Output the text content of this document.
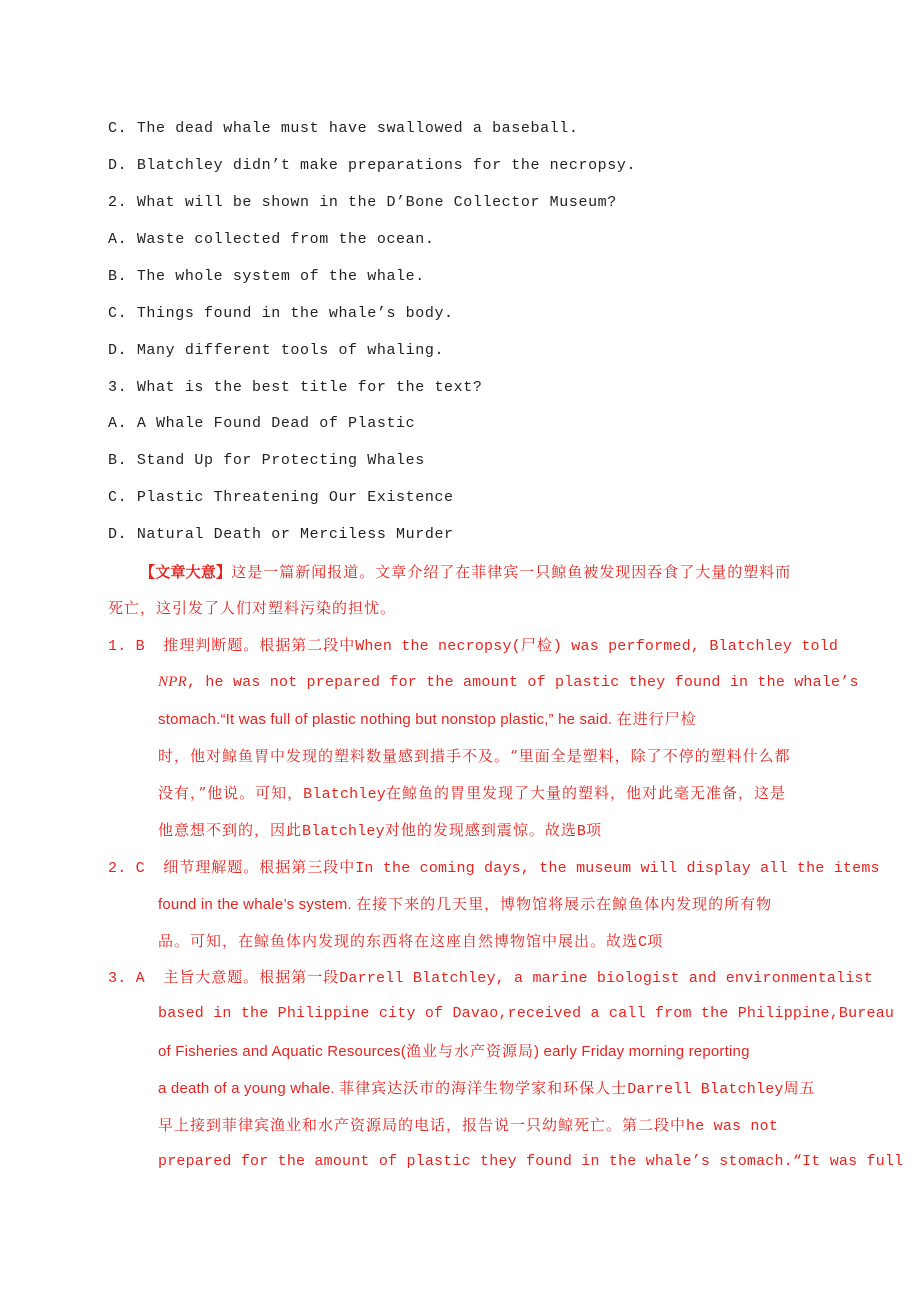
C. The dead whale must have swallowed a baseball.
D. Blatchley didn’t make preparations for the necropsy.
2. What will be shown in the D’Bone Collector Museum?
A. Waste collected from the ocean.
B. The whole system of the whale.
C. Things found in the whale’s body.
D. Many different tools of whaling.
3. What is the best title for the text?
A. A Whale Found Dead of Plastic
B. Stand Up for Protecting Whales
C. Plastic Threatening Our Existence
D. Natural Death or Merciless Murder
【文章大意】这是一篇新闻报道。文章介绍了在菲律宾一只鲸鱼被发现因吞食了大量的塑料而
死亡，这引发了人们对塑料污染的担忧。
1. B 推理判断题。根据第二段中When the necropsy(尸检) was performed, Blatchley told
NPR, he was not prepared for the amount of plastic they found in the whale’s
stomach.“It was full of plastic nothing but nonstop plastic,” he said. 在进行尸检
时，他对鲸鱼胃中发现的塑料数量感到措手不及。“里面全是塑料，除了不停的塑料什么都
没有，”他说。可知，Blatchley在鲸鱼的胃里发现了大量的塑料，他对此毫无准备，这是
他意想不到的，因此Blatchley对他的发现感到震惊。故选B项
2. C 细节理解题。根据第三段中In the coming days, the museum will display all the items
found in the whale’s system. 在接下来的几天里，博物馆将展示在鲸鱼体内发现的所有物
品。可知，在鲸鱼体内发现的东西将在这座自然博物馆中展出。故选C项
3. A 主旨大意题。根据第一段Darrell Blatchley, a marine biologist and environmentalist
based in the Philippine city of Davao,received a call from the Philippine,Bureau
of Fisheries and Aquatic Resources(渔业与水产资源局) early Friday morning reporting
a death of a young whale. 菲律宾达沃市的海洋生物学家和环保人士Darrell Blatchley周五
早上接到菲律宾渔业和水产资源局的电话，报告说一只幼鲸死亡。第二段中he was not
prepared for the amount of plastic they found in the whale’s stomach.“It was full
